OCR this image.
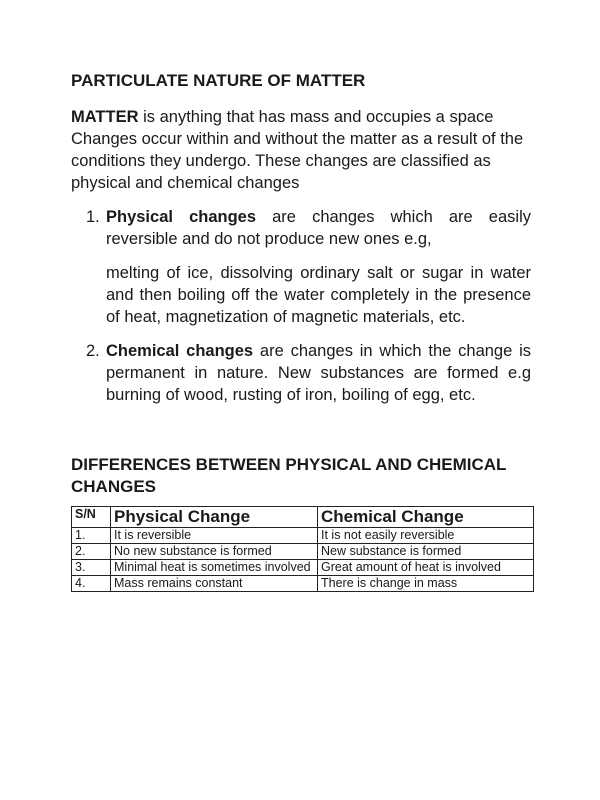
PARTICULATE NATURE OF MATTER

MATTER is anything that has mass and occupies a space Changes occur within and without the matter as a result of the conditions they undergo. These changes are classified as physical and chemical changes

1. Physical changes are changes which are easily reversible and do not produce new ones e.g,

melting of ice, dissolving ordinary salt or sugar in water and then boiling off the water completely in the presence of heat, magnetization of magnetic materials, etc.

2. Chemical changes are changes in which the change is permanent in nature. New substances are formed e.g burning of wood, rusting of iron, boiling of egg, etc.

DIFFERENCES BETWEEN PHYSICAL AND CHEMICAL CHANGES
S/N	Physical Change	Chemical Change
1.	It is reversible	It is not easily reversible
2.	No new substance is formed	New substance is formed
3.	Minimal heat is sometimes involved	Great amount of heat is involved
4.	Mass remains constant	There is change in mass
